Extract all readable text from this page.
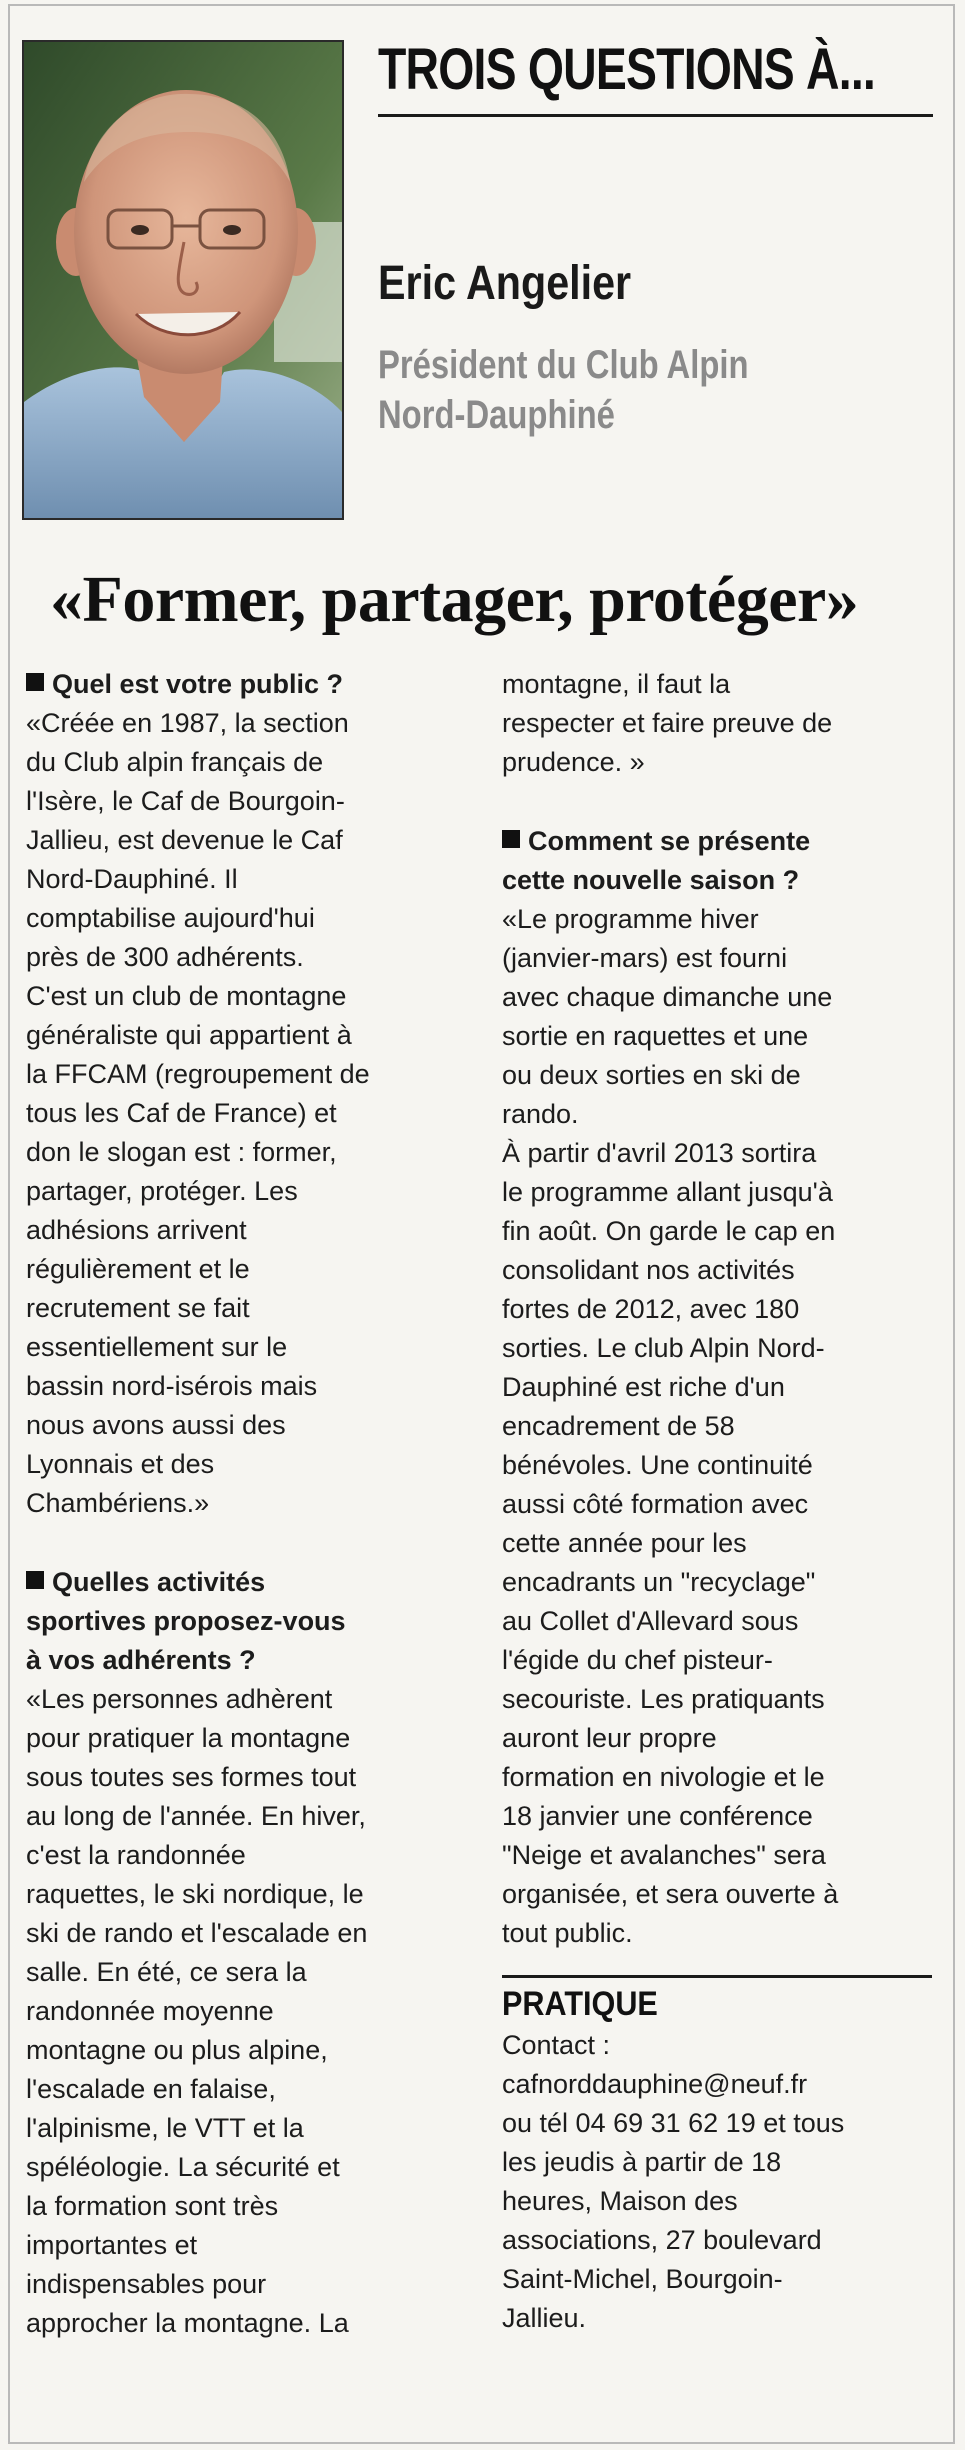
TROIS QUESTIONS À...
Eric Angelier
Président du Club Alpin
Nord-Dauphiné
«Former, partager, protéger»
Quel est votre public ?

«Créée en 1987, la section
du Club alpin français de
l'Isère, le Caf de Bourgoin-
Jallieu, est devenue le Caf
Nord-Dauphiné. Il
comptabilise aujourd'hui
près de 300 adhérents.
C'est un club de montagne
généraliste qui appartient à
la FFCAM (regroupement de
tous les Caf de France) et
don le slogan est : former,
partager, protéger. Les
adhésions arrivent
régulièrement et le
recrutement se fait
essentiellement sur le
bassin nord-isérois mais
nous avons aussi des
Lyonnais et des
Chambériens.»

Quelles activités
sportives proposez-vous
à vos adhérents ?

«Les personnes adhèrent
pour pratiquer la montagne
sous toutes ses formes tout
au long de l'année. En hiver,
c'est la randonnée
raquettes, le ski nordique, le
ski de rando et l'escalade en
salle. En été, ce sera la
randonnée moyenne
montagne ou plus alpine,
l'escalade en falaise,
l'alpinisme, le VTT et la
spéléologie. La sécurité et
la formation sont très
importantes et
indispensables pour
approcher la montagne. La

montagne, il faut la
respecter et faire preuve de
prudence. »

Comment se présente
cette nouvelle saison ?

«Le programme hiver
(janvier-mars) est fourni
avec chaque dimanche une
sortie en raquettes et une
ou deux sorties en ski de
rando.

À partir d'avril 2013 sortira
le programme allant jusqu'à
fin août. On garde le cap en
consolidant nos activités
fortes de 2012, avec 180
sorties. Le club Alpin Nord-
Dauphiné est riche d'un
encadrement de 58
bénévoles. Une continuité
aussi côté formation avec
cette année pour les
encadrants un "recyclage"
au Collet d'Allevard sous
l'égide du chef pisteur-
secouriste. Les pratiquants
auront leur propre
formation en nivologie et le
18 janvier une conférence
"Neige et avalanches" sera
organisée, et sera ouverte à
tout public.

PRATIQUE

Contact :
cafnorddauphine@neuf.fr
ou tél 04 69 31 62 19 et tous
les jeudis à partir de 18
heures, Maison des
associations, 27 boulevard
Saint-Michel, Bourgoin-
Jallieu.
